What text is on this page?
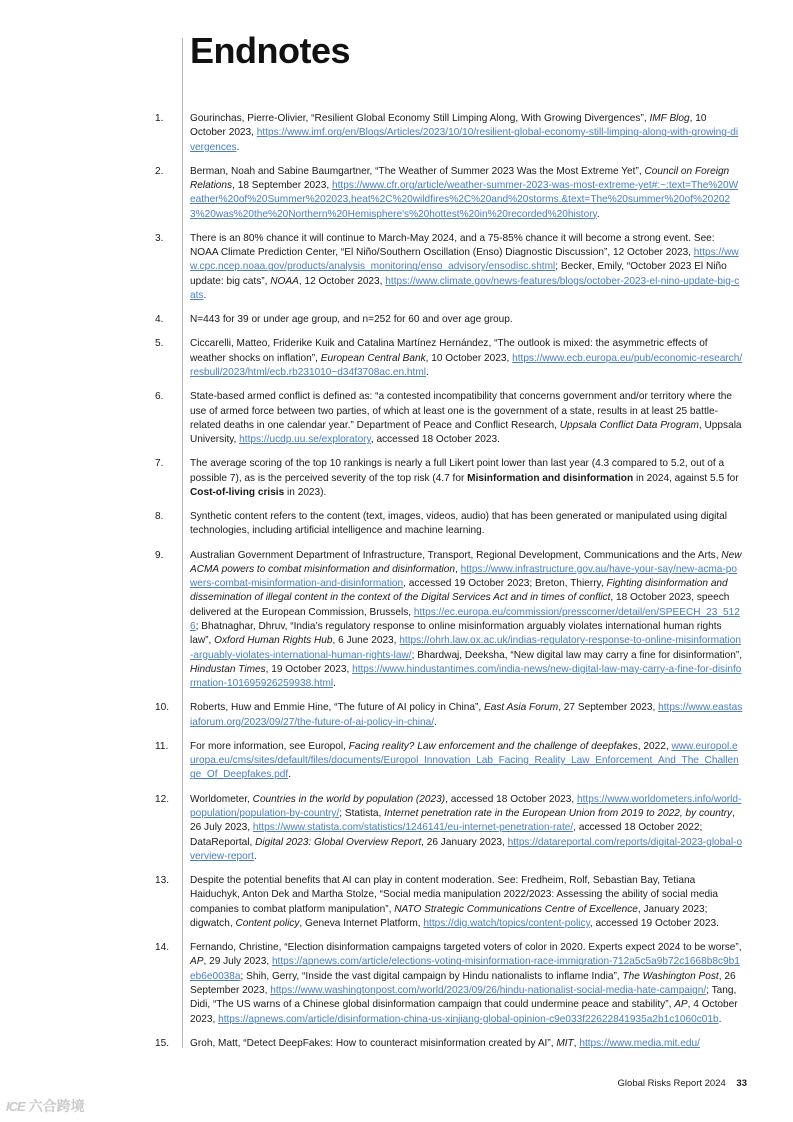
Endnotes
1.	Gourinchas, Pierre-Olivier, “Resilient Global Economy Still Limping Along, With Growing Divergences”, IMF Blog, 10 October 2023, https://www.imf.org/en/Blogs/Articles/2023/10/10/resilient-global-economy-still-limping-along-with-growing-divergences.
2.	Berman, Noah and Sabine Baumgartner, “The Weather of Summer 2023 Was the Most Extreme Yet”, Council on Foreign Relations, 18 September 2023, https://www.cfr.org/article/weather-summer-2023-was-most-extreme-yet#:~:text=The%20Weather%20of%20Summer%202023,heat%2C%20wildfires%2C%20and%20storms.&text=The%20summer%20of%202023%20was%20the%20Northern%20Hemisphere's%20hottest%20in%20recorded%20history.
3.	There is an 80% chance it will continue to March-May 2024, and a 75-85% chance it will become a strong event. See: NOAA Climate Prediction Center, “El Niño/Southern Oscillation (Enso) Diagnostic Discussion”, 12 October 2023, https://www.cpc.ncep.noaa.gov/products/analysis_monitoring/enso_advisory/ensodisc.shtml; Becker, Emily, “October 2023 El Niño update: big cats”, NOAA, 12 October 2023, https://www.climate.gov/news-features/blogs/october-2023-el-nino-update-big-cats.
4.	N=443 for 39 or under age group, and n=252 for 60 and over age group.
5.	Ciccarelli, Matteo, Friderike Kuik and Catalina Martínez Hernández, “The outlook is mixed: the asymmetric effects of weather shocks on inflation”, European Central Bank, 10 October 2023, https://www.ecb.europa.eu/pub/economic-research/resbull/2023/html/ecb.rb231010~d34f3708ac.en.html.
6.	State-based armed conflict is defined as: “a contested incompatibility that concerns government and/or territory where the use of armed force between two parties, of which at least one is the government of a state, results in at least 25 battle-related deaths in one calendar year.” Department of Peace and Conflict Research, Uppsala Conflict Data Program, Uppsala University, https://ucdp.uu.se/exploratory, accessed 18 October 2023.
7.	The average scoring of the top 10 rankings is nearly a full Likert point lower than last year (4.3 compared to 5.2, out of a possible 7), as is the perceived severity of the top risk (4.7 for Misinformation and disinformation in 2024, against 5.5 for Cost-of-living crisis in 2023).
8.	Synthetic content refers to the content (text, images, videos, audio) that has been generated or manipulated using digital technologies, including artificial intelligence and machine learning.
9.	Australian Government Department of Infrastructure, Transport, Regional Development, Communications and the Arts, New ACMA powers to combat misinformation and disinformation, https://www.infrastructure.gov.au/have-your-say/new-acma-powers-combat-misinformation-and-disinformation, accessed 19 October 2023; Breton, Thierry, Fighting disinformation and dissemination of illegal content in the context of the Digital Services Act and in times of conflict, 18 October 2023, speech delivered at the European Commission, Brussels, https://ec.europa.eu/commission/presscorner/detail/en/SPEECH_23_5126; Bhatnaghar, Dhruv, “India’s regulatory response to online misinformation arguably violates international human rights law”, Oxford Human Rights Hub, 6 June 2023, https://ohrh.law.ox.ac.uk/indias-regulatory-response-to-online-misinformation-arguably-violates-international-human-rights-law/; Bhardwaj, Deeksha, “New digital law may carry a fine for disinformation”, Hindustan Times, 19 October 2023, https://www.hindustantimes.com/india-news/new-digital-law-may-carry-a-fine-for-disinformation-101695926259938.html.
10.	Roberts, Huw and Emmie Hine, “The future of AI policy in China”, East Asia Forum, 27 September 2023, https://www.eastasiaforum.org/2023/09/27/the-future-of-ai-policy-in-china/.
11.	For more information, see Europol, Facing reality? Law enforcement and the challenge of deepfakes, 2022, www.europol.europa.eu/cms/sites/default/files/documents/Europol_Innovation_Lab_Facing_Reality_Law_Enforcement_And_The_Challenge_Of_Deepfakes.pdf.
12.	Worldometer, Countries in the world by population (2023), accessed 18 October 2023, https://www.worldometers.info/world-population/population-by-country/; Statista, Internet penetration rate in the European Union from 2019 to 2022, by country, 26 July 2023, https://www.statista.com/statistics/1246141/eu-internet-penetration-rate/, accessed 18 October 2022; DataReportal, Digital 2023: Global Overview Report, 26 January 2023, https://datareportal.com/reports/digital-2023-global-overview-report.
13.	Despite the potential benefits that AI can play in content moderation. See: Fredheim, Rolf, Sebastian Bay, Tetiana Haiduchyk, Anton Dek and Martha Stolze, “Social media manipulation 2022/2023: Assessing the ability of social media companies to combat platform manipulation”, NATO Strategic Communications Centre of Excellence, January 2023; digwatch, Content policy, Geneva Internet Platform, https://dig.watch/topics/content-policy, accessed 19 October 2023.
14.	Fernando, Christine, “Election disinformation campaigns targeted voters of color in 2020. Experts expect 2024 to be worse”, AP, 29 July 2023, https://apnews.com/article/elections-voting-misinformation-race-immigration-712a5c5a9b72c1668b8c9b1eb6e0038a; Shih, Gerry, “Inside the vast digital campaign by Hindu nationalists to inflame India”, The Washington Post, 26 September 2023, https://www.washingtonpost.com/world/2023/09/26/hindu-nationalist-social-media-hate-campaign/; Tang, Didi, “The US warns of a Chinese global disinformation campaign that could undermine peace and stability”, AP, 4 October 2023, https://apnews.com/article/disinformation-china-us-xinjiang-global-opinion-c9e033f22622841935a2b1c1060c01b.
15.	Groh, Matt, “Detect DeepFakes: How to counteract misinformation created by AI”, MIT, https://www.media.mit.edu/
Global Risks Report 2024 33
ICE 六合跨境
